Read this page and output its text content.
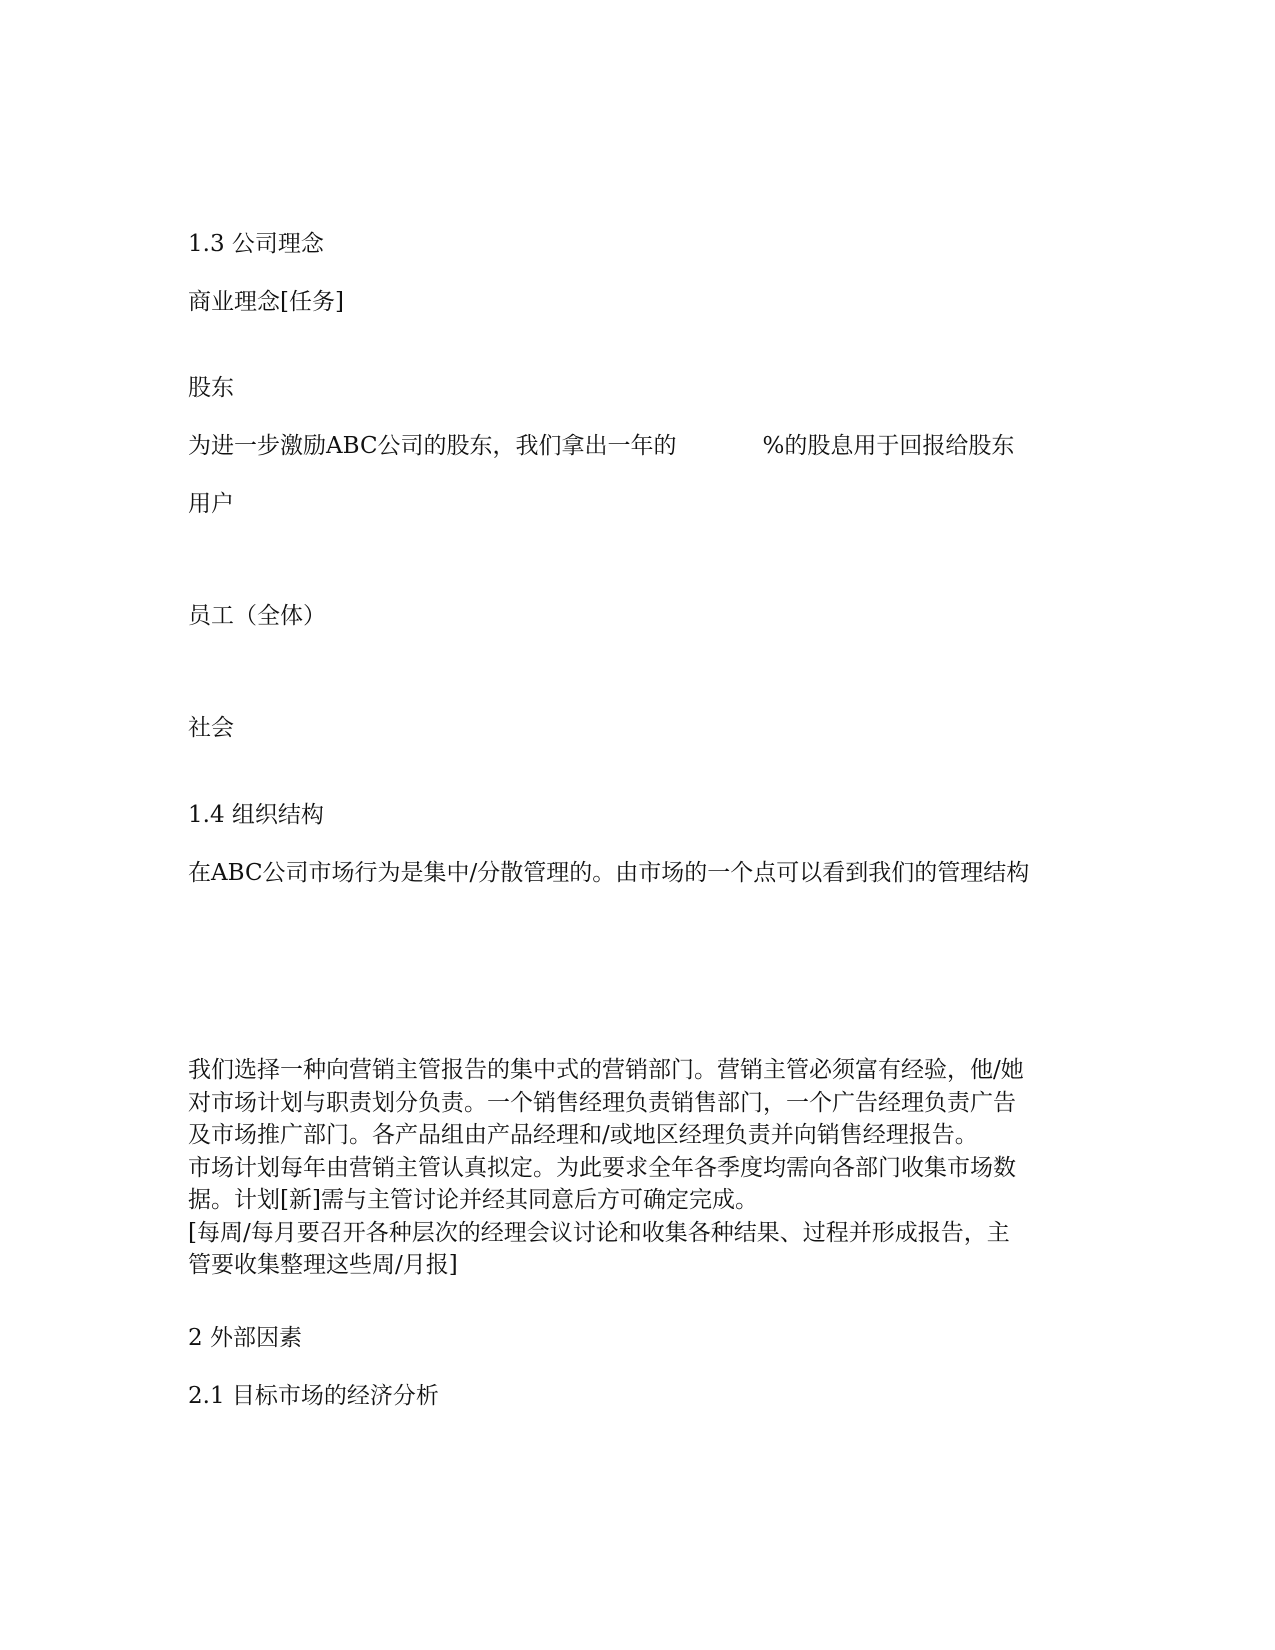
1.3 公司理念
商业理念[任务]
股东
为进一步激励ABC公司的股东，我们拿出一年的	%的股息用于回报给股东
用户
员工（全体）
社会
1.4 组织结构
在ABC公司市场行为是集中/分散管理的。由市场的一个点可以看到我们的管理结构
我们选择一种向营销主管报告的集中式的营销部门。营销主管必须富有经验，他/她
对市场计划与职责划分负责。一个销售经理负责销售部门，一个广告经理负责广告
及市场推广部门。各产品组由产品经理和/或地区经理负责并向销售经理报告。
市场计划每年由营销主管认真拟定。为此要求全年各季度均需向各部门收集市场数
据。计划[新]需与主管讨论并经其同意后方可确定完成。
[每周/每月要召开各种层次的经理会议讨论和收集各种结果、过程并形成报告，主
管要收集整理这些周/月报]
2 外部因素
2.1 目标市场的经济分析
